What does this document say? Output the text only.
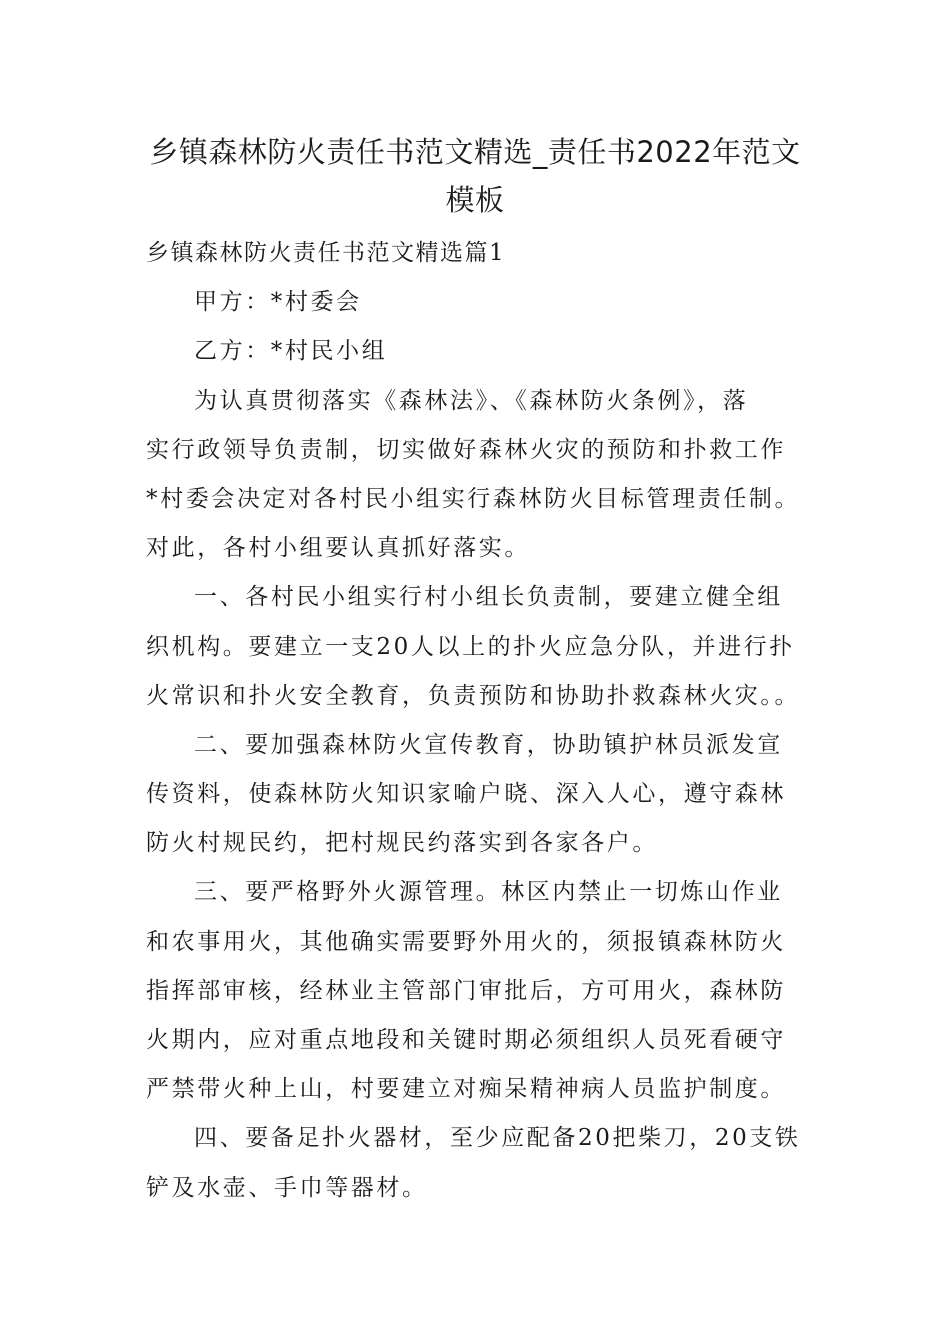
乡镇森林防火责任书范文精选_责任书2022年范文
模板
乡镇森林防火责任书范文精选篇1
甲方：*村委会
乙方：*村民小组
为认真贯彻落实《森林法》、《森林防火条例》，落
实行政领导负责制，切实做好森林火灾的预防和扑救工作
*村委会决定对各村民小组实行森林防火目标管理责任制。
对此，各村小组要认真抓好落实。
一、各村民小组实行村小组长负责制，要建立健全组
织机构。要建立一支20人以上的扑火应急分队，并进行扑
火常识和扑火安全教育，负责预防和协助扑救森林火灾。。
二、要加强森林防火宣传教育，协助镇护林员派发宣
传资料，使森林防火知识家喻户晓、深入人心，遵守森林
防火村规民约，把村规民约落实到各家各户。
三、要严格野外火源管理。林区内禁止一切炼山作业
和农事用火，其他确实需要野外用火的，须报镇森林防火
指挥部审核，经林业主管部门审批后，方可用火，森林防
火期内，应对重点地段和关键时期必须组织人员死看硬守
严禁带火种上山，村要建立对痴呆精神病人员监护制度。
四、要备足扑火器材，至少应配备20把柴刀，20支铁
铲及水壶、手巾等器材。
